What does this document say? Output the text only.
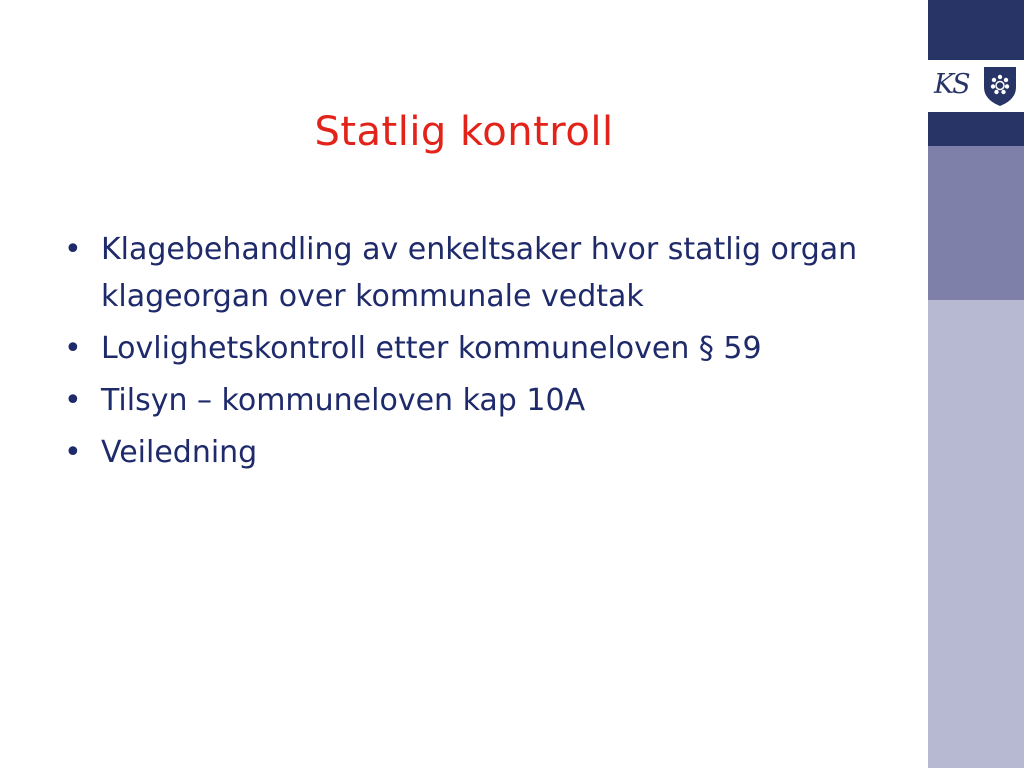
Statlig kontroll
• Klagebehandling av enkeltsaker hvor statlig organ klageorgan over kommunale vedtak
• Lovlighetskontroll etter kommuneloven § 59
• Tilsyn – kommuneloven kap 10A
• Veiledning
KS
